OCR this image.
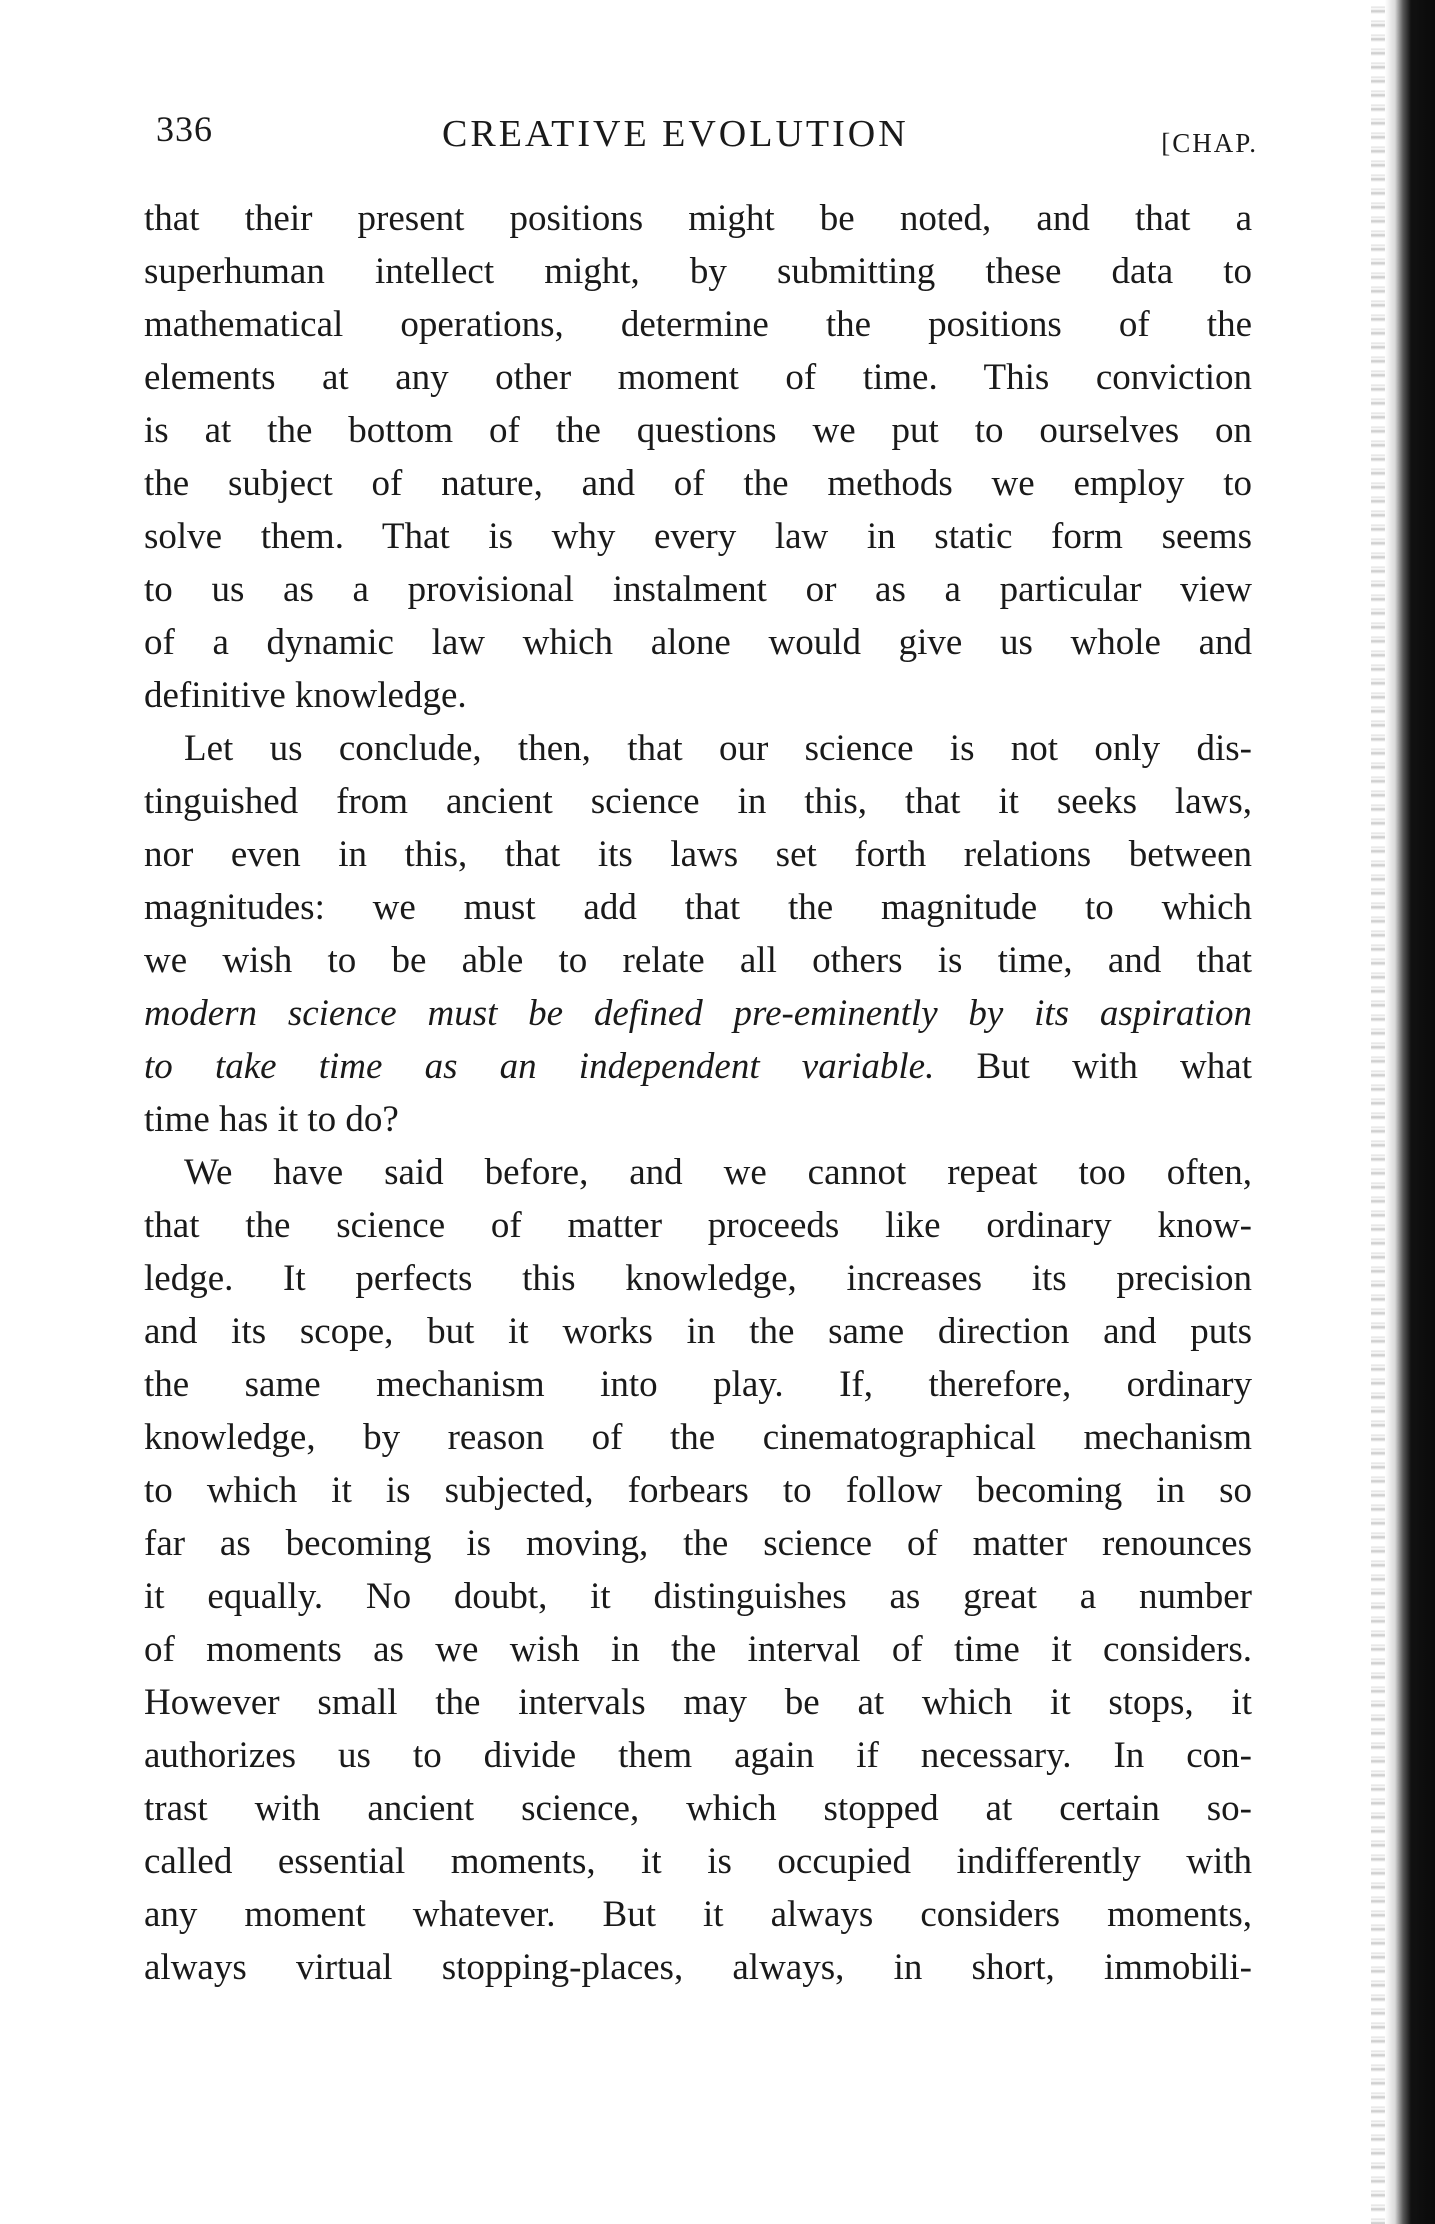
336	CREATIVE EVOLUTION	[CHAP.
that their present positions might be noted, and that a
superhuman intellect might, by submitting these data to
mathematical operations, determine the positions of the
elements at any other moment of time. This conviction
is at the bottom of the questions we put to ourselves on
the subject of nature, and of the methods we employ to
solve them. That is why every law in static form seems
to us as a provisional instalment or as a particular view
of a dynamic law which alone would give us whole and
definitive knowledge.
Let us conclude, then, that our science is not only dis-
tinguished from ancient science in this, that it seeks laws,
nor even in this, that its laws set forth relations between
magnitudes: we must add that the magnitude to which
we wish to be able to relate all others is time, and that
modern science must be defined pre-eminently by its aspiration
to take time as an independent variable. But with what
time has it to do?
We have said before, and we cannot repeat too often,
that the science of matter proceeds like ordinary know-
ledge. It perfects this knowledge, increases its precision
and its scope, but it works in the same direction and puts
the same mechanism into play. If, therefore, ordinary
knowledge, by reason of the cinematographical mechanism
to which it is subjected, forbears to follow becoming in so
far as becoming is moving, the science of matter renounces
it equally. No doubt, it distinguishes as great a number
of moments as we wish in the interval of time it considers.
However small the intervals may be at which it stops, it
authorizes us to divide them again if necessary. In con-
trast with ancient science, which stopped at certain so-
called essential moments, it is occupied indifferently with
any moment whatever. But it always considers moments,
always virtual stopping-places, always, in short, immobili-
